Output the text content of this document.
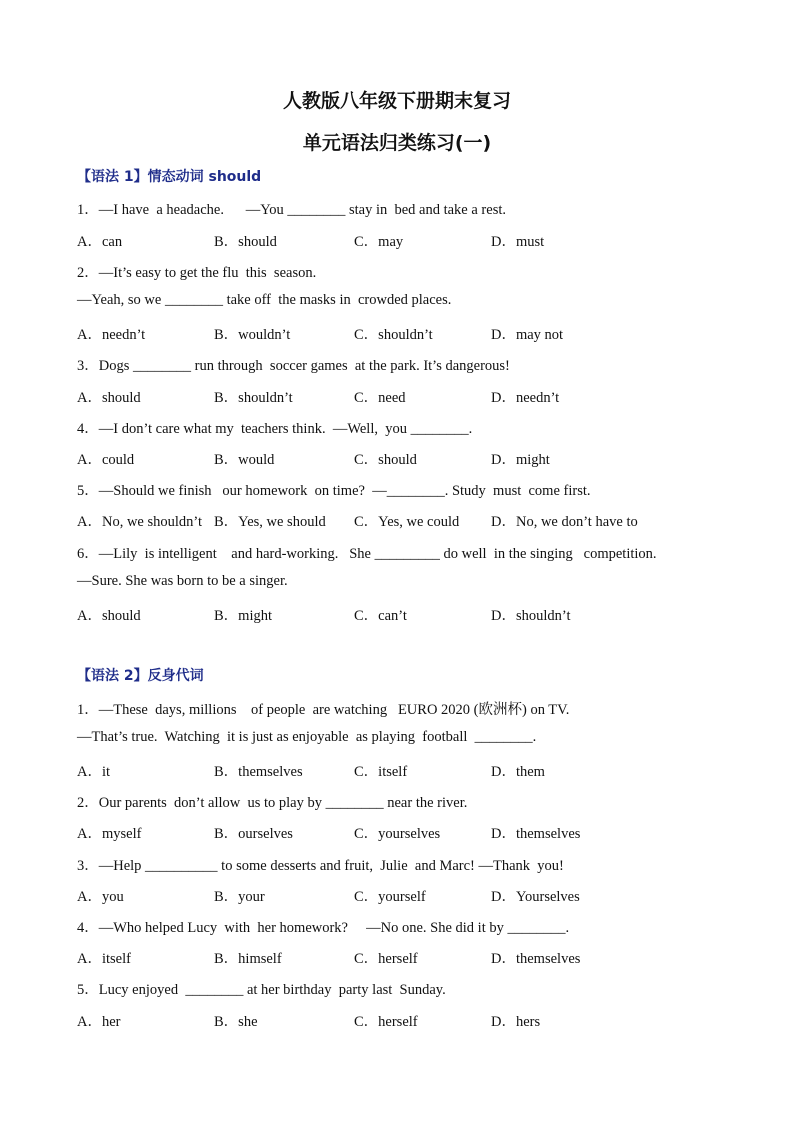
人教版八年级下册期末复习
单元语法归类练习(一)
【语法 1】情态动词 should
1．—I have  a headache.      —You ________ stay in  bed and take a rest.
A．can	B．should	C．may	D．must
2．—It’s easy to get the flu  this  season.
—Yeah, so we ________ take off  the masks in  crowded places.
A．needn’t	B．wouldn’t	C．shouldn’t	D．may not
3．Dogs ________ run through  soccer games  at the park. It’s dangerous!
A．should	B．shouldn’t	C．need	D．needn’t
4．—I don’t care what my  teachers think.  —Well,  you ________.
A．could	B．would	C．should	D．might
5．—Should we finish   our homework  on time?  —________. Study  must  come first.
A．No, we shouldn’t B．Yes, we should C．Yes, we could D．No, we don’t have to
6．—Lily  is intelligent    and hard-working.   She _________ do well  in the singing   competition.
—Sure. She was born to be a singer.
A．should	B．might	C．can’t	D．shouldn’t
【语法 2】反身代词
1．—These  days, millions    of people  are watching   EURO 2020 (欧洲杯) on TV.
—That’s true.  Watching  it is just as enjoyable  as playing  football  ________.
A．it	B．themselves	C．itself	D．them
2．Our parents  don’t allow  us to play by ________ near the river.
A．myself	B．ourselves	C．yourselves	D．themselves
3．—Help __________ to some desserts and fruit,  Julie  and Marc! —Thank  you!
A．you	B．your	C．yourself	D．Yourselves
4．—Who helped Lucy  with  her homework?     —No one. She did it by ________.
A．itself	B．himself	C．herself	D．themselves
5．Lucy enjoyed  ________ at her birthday  party last  Sunday.
A．her	B．she	C．herself	D．hers
